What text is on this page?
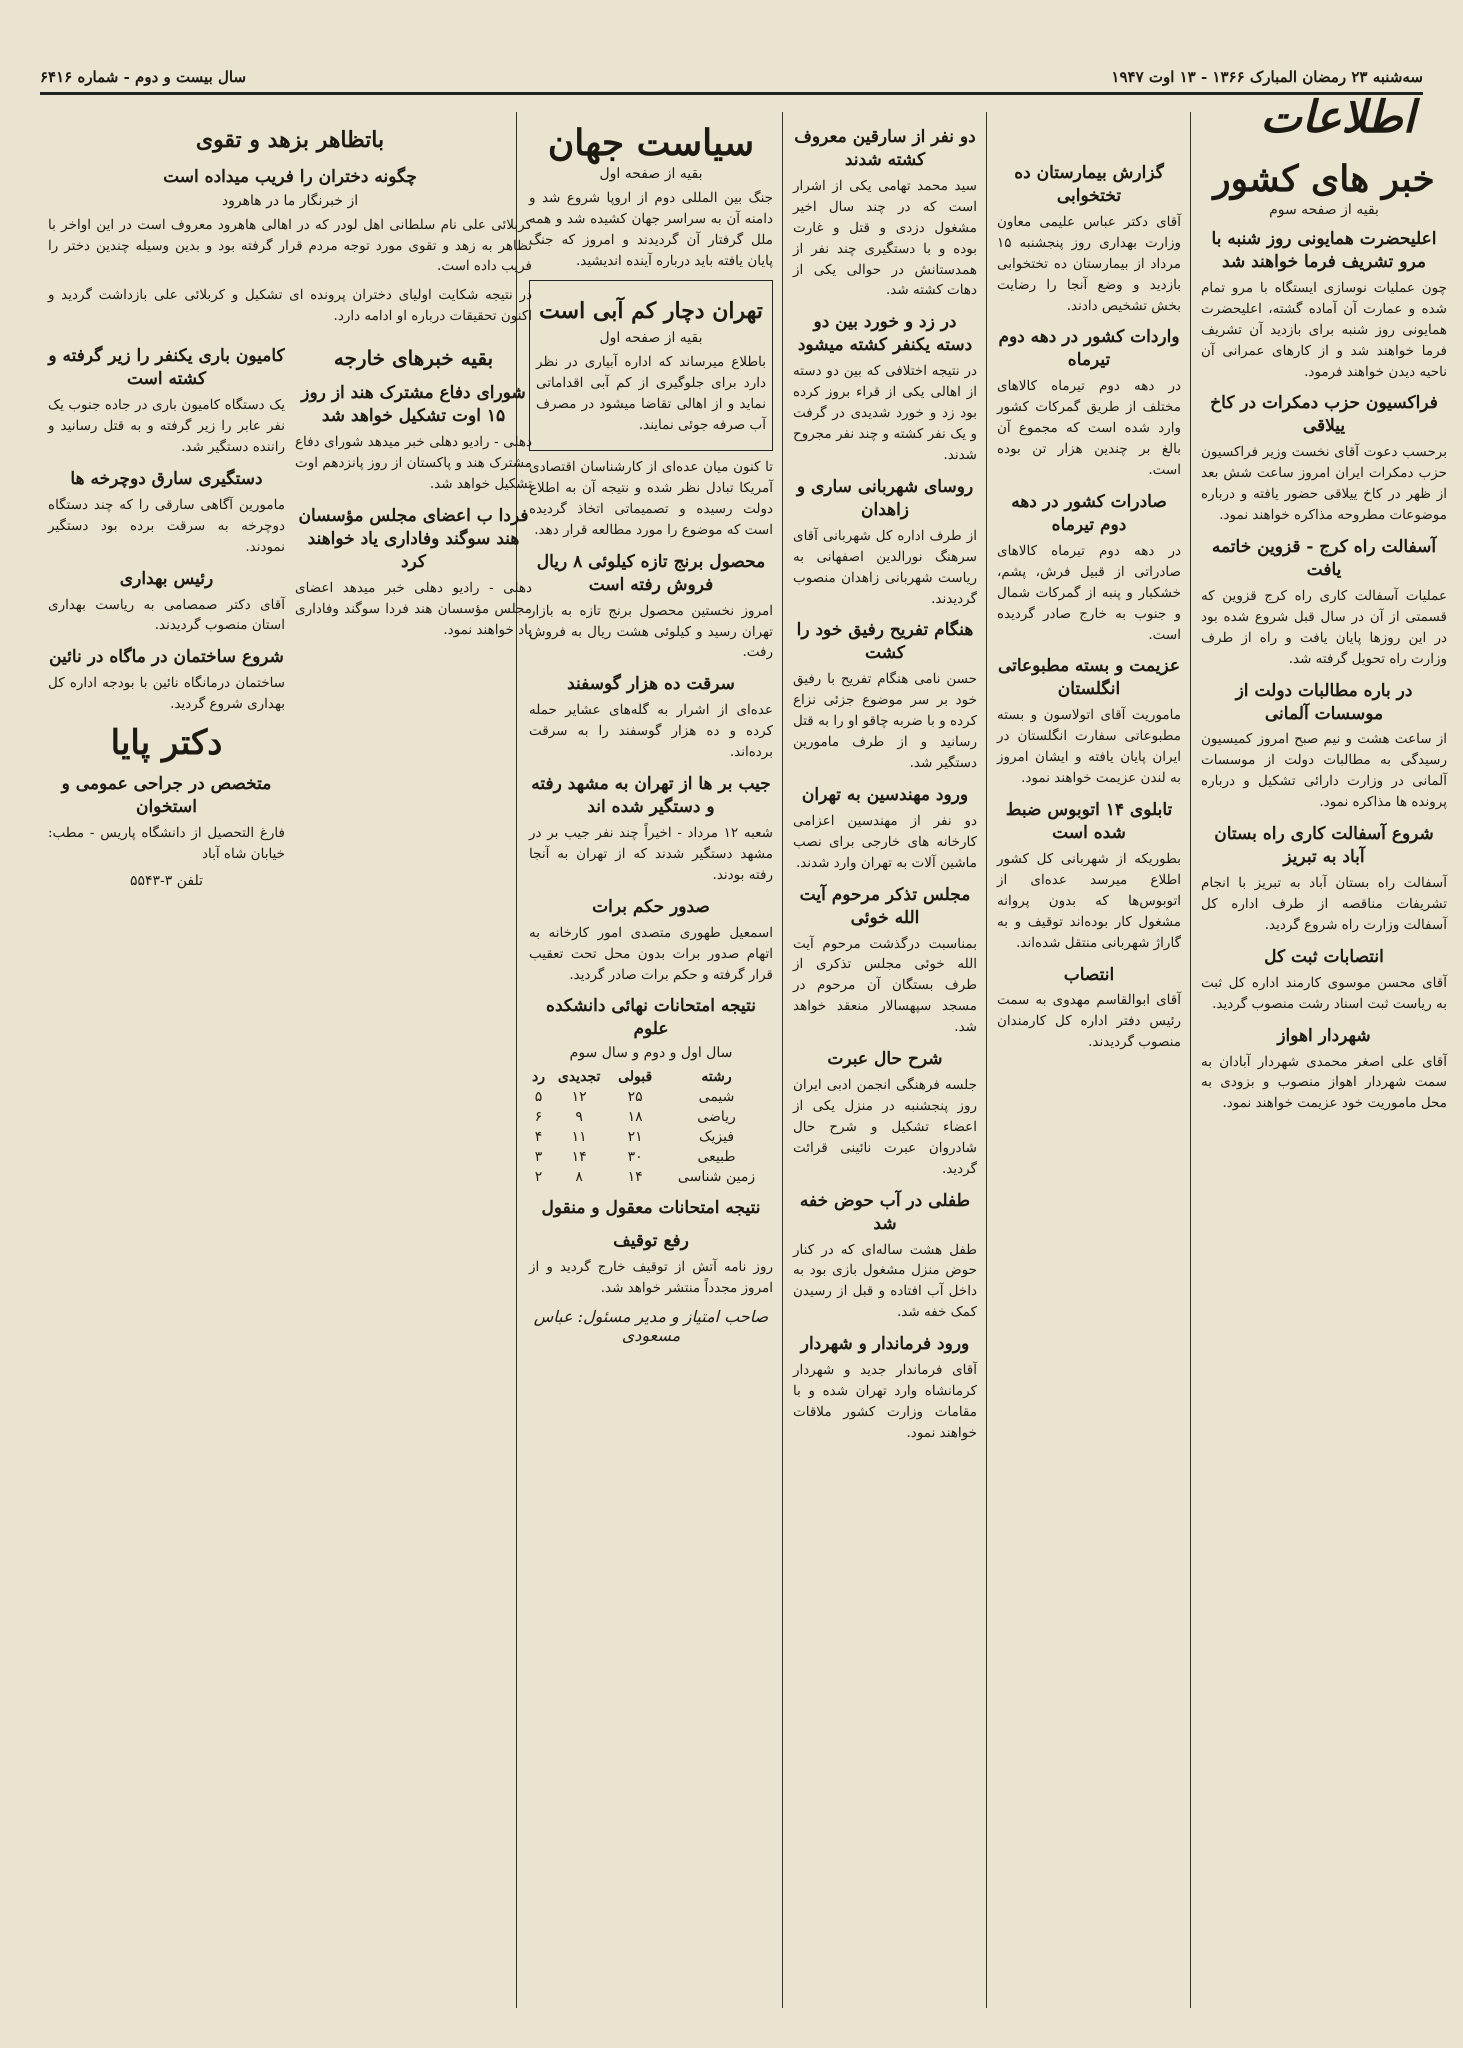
سه‌شنبه ۲۳ رمضان المبارک ۱۳۶۶ - ۱۳ اوت ۱۹۴۷
سال بیست و دوم - شماره ۶۴۱۶
اطلاعات
خبر های کشور
بقیه از صفحه سوم
اعلیحضرت همایونی روز شنبه با مرو تشریف فرما خواهند شد

چون عملیات نوسازی ایستگاه با مرو تمام شده و عمارت آن آماده گشته، اعلیحضرت همایونی روز شنبه برای بازدید آن تشریف فرما خواهند شد و از کارهای عمرانی آن ناحیه دیدن خواهند فرمود.

فراکسیون حزب دمکرات در کاخ ییلاقی

برحسب دعوت آقای نخست وزیر فراکسیون حزب دمکرات ایران امروز ساعت شش بعد از ظهر در کاخ ییلاقی حضور یافته و درباره موضوعات مطروحه مذاکره خواهند نمود.

آسفالت راه کرج - قزوین خاتمه یافت

عملیات آسفالت کاری راه کرج قزوین که قسمتی از آن در سال قبل شروع شده بود در این روزها پایان یافت و راه از طرف وزارت راه تحویل گرفته شد.

در باره مطالبات دولت از موسسات آلمانی

از ساعت هشت و نیم صبح امروز کمیسیون رسیدگی به مطالبات دولت از موسسات آلمانی در وزارت دارائی تشکیل و درباره پرونده ها مذاکره نمود.

شروع آسفالت کاری راه بستان آباد به تبریز

آسفالت راه بستان آباد به تبریز با انجام تشریفات مناقصه از طرف اداره کل آسفالت وزارت راه شروع گردید.

انتصابات ثبت کل

آقای محسن موسوی کارمند اداره کل ثبت به ریاست ثبت اسناد رشت منصوب گردید.

شهردار اهواز

آقای علی اصغر محمدی شهردار آبادان به سمت شهردار اهواز منصوب و بزودی به محل ماموریت خود عزیمت خواهند نمود.

گزارش بیمارستان ده تختخوابی

آقای دکتر عباس علیمی معاون وزارت بهداری روز پنجشنبه ۱۵ مرداد از بیمارستان ده تختخوابی بازدید و وضع آنجا را رضایت بخش تشخیص دادند.

واردات کشور در دهه دوم تیرماه

در دهه دوم تیرماه کالاهای مختلف از طریق گمرکات کشور وارد شده است که مجموع آن بالغ بر چندین هزار تن بوده است.

صادرات کشور در دهه دوم تیرماه

در دهه دوم تیرماه کالاهای صادراتی از قبیل فرش، پشم، خشکبار و پنبه از گمرکات شمال و جنوب به خارج صادر گردیده است.

عزیمت و بسته مطبوعاتی انگلستان

ماموریت آقای اتولاسون و بسته مطبوعاتی سفارت انگلستان در ایران پایان یافته و ایشان امروز به لندن عزیمت خواهند نمود.

تابلوی ۱۴ اتوبوس ضبط شده است

بطوریکه از شهربانی کل کشور اطلاع میرسد عده‌ای از اتوبوس‌ها که بدون پروانه مشغول کار بوده‌اند توقیف و به گاراژ شهربانی منتقل شده‌اند.

انتصاب

آقای ابوالقاسم مهدوی به سمت رئیس دفتر اداره کل کارمندان منصوب گردیدند.

دو نفر از سارقین معروف کشته شدند

سید محمد تهامی یکی از اشرار است که در چند سال اخیر مشغول دزدی و قتل و غارت بوده و با دستگیری چند نفر از همدستانش در حوالی یکی از دهات کشته شد.

در زد و خورد بین دو دسته یکنفر کشته میشود

در نتیجه اختلافی که بین دو دسته از اهالی یکی از قراء بروز کرده بود زد و خورد شدیدی در گرفت و یک نفر کشته و چند نفر مجروح شدند.

روسای شهربانی ساری و زاهدان

از طرف اداره کل شهربانی آقای سرهنگ نورالدین اصفهانی به ریاست شهربانی زاهدان منصوب گردیدند.

هنگام تفریح رفیق خود را کشت

حسن نامی هنگام تفریح با رفیق خود بر سر موضوع جزئی نزاع کرده و با ضربه چاقو او را به قتل رسانید و از طرف مامورین دستگیر شد.

ورود مهندسین به تهران

دو نفر از مهندسین اعزامی کارخانه های خارجی برای نصب ماشین آلات به تهران وارد شدند.

مجلس تذکر مرحوم آیت الله خوئی

بمناسبت درگذشت مرحوم آیت الله خوئی مجلس تذکری از طرف بستگان آن مرحوم در مسجد سپهسالار منعقد خواهد شد.

شرح حال عبرت

جلسه فرهنگی انجمن ادبی ایران روز پنجشنبه در منزل یکی از اعضاء تشکیل و شرح حال شادروان عبرت نائینی قرائت گردید.

طفلی در آب حوض خفه شد

طفل هشت ساله‌ای که در کنار حوض منزل مشغول بازی بود به داخل آب افتاده و قبل از رسیدن کمک خفه شد.

ورود فرماندار و شهردار

آقای فرماندار جدید و شهردار کرمانشاه وارد تهران شده و با مقامات وزارت کشور ملاقات خواهند نمود.

سیاست جهان
بقیه از صفحه اول

جنگ بین المللی دوم از اروپا شروع شد و دامنه آن به سراسر جهان کشیده شد و همه ملل گرفتار آن گردیدند و امروز که جنگ پایان یافته باید درباره آینده اندیشید.

تهران دچار کم آبی است
بقیه از صفحه اول

باطلاع میرساند که اداره آبیاری در نظر دارد برای جلوگیری از کم آبی اقداماتی نماید و از اهالی تقاضا میشود در مصرف آب صرفه جوئی نمایند.

تا کنون میان عده‌ای از کارشناسان اقتصادی آمریکا تبادل نظر شده و نتیجه آن به اطلاع دولت رسیده و تصمیماتی اتخاذ گردیده است که موضوع را مورد مطالعه قرار دهد.

محصول برنج تازه کیلوئی ۸ ریال فروش رفته است

امروز نخستین محصول برنج تازه به بازار تهران رسید و کیلوئی هشت ریال به فروش رفت.

سرقت ده هزار گوسفند

عده‌ای از اشرار به گله‌های عشایر حمله کرده و ده هزار گوسفند را به سرقت برده‌اند.

جیب بر ها از تهران به مشهد رفته و دستگیر شده اند

شعبه ۱۲ مرداد - اخیراً چند نفر جیب بر در مشهد دستگیر شدند که از تهران به آنجا رفته بودند.

صدور حکم برات

اسمعیل طهوری متصدی امور کارخانه به اتهام صدور برات بدون محل تحت تعقیب قرار گرفته و حکم برات صادر گردید.

نتیجه امتحانات نهائی دانشکده علوم
سال اول و دوم و سال سوم
رشته	قبولی	تجدیدی	رد
شیمی	۲۵	۱۲	۵
ریاضی	۱۸	۹	۶
فیزیک	۲۱	۱۱	۴
طبیعی	۳۰	۱۴	۳
زمین شناسی	۱۴	۸	۲
نتیجه امتحانات معقول و منقول
رفع توقیف

روز نامه آتش از توقیف خارج گردید و از امروز مجدداً منتشر خواهد شد.

صاحب امتیاز و مدیر مسئول: عباس مسعودی
باتظاهر بزهد و تقوی
چگونه دختران را فریب میداده است
از خبرنگار ما در هاهرود

کربلائی علی نام سلطانی اهل لودر که در اهالی هاهرود معروف است در این اواخر با تظاهر به زهد و تقوی مورد توجه مردم قرار گرفته بود و بدین وسیله چندین دختر را فریب داده است.

در نتیجه شکایت اولیای دختران پرونده ای تشکیل و کربلائی علی بازداشت گردید و اکنون تحقیقات درباره او ادامه دارد.

کامیون باری یکنفر را زیر گرفته و کشته است

یک دستگاه کامیون باری در جاده جنوب یک نفر عابر را زیر گرفته و به قتل رسانید و راننده دستگیر شد.

دستگیری سارق دوچرخه ها

مامورین آگاهی سارقی را که چند دستگاه دوچرخه به سرقت برده بود دستگیر نمودند.

رئیس بهداری

آقای دکتر صمصامی به ریاست بهداری استان منصوب گردیدند.

شروع ساختمان در ماگاه در نائین

ساختمان درمانگاه نائین با بودجه اداره کل بهداری شروع گردید.

دکتر پایا
متخصص در جراحی عمومی و استخوان

فارغ التحصیل از دانشگاه پاریس - مطب: خیابان شاه آباد

تلفن ۳-۵۵۴۳
بقیه خبرهای خارجه
شورای دفاع مشترک هند از روز ۱۵ اوت تشکیل خواهد شد

دهلی - رادیو دهلی خبر میدهد شورای دفاع مشترک هند و پاکستان از روز پانزدهم اوت تشکیل خواهد شد.

فردا ب اعضای مجلس مؤسسان هند سوگند وفاداری یاد خواهند کرد

دهلی - رادیو دهلی خبر میدهد اعضای مجلس مؤسسان هند فردا سوگند وفاداری یاد خواهند نمود.
